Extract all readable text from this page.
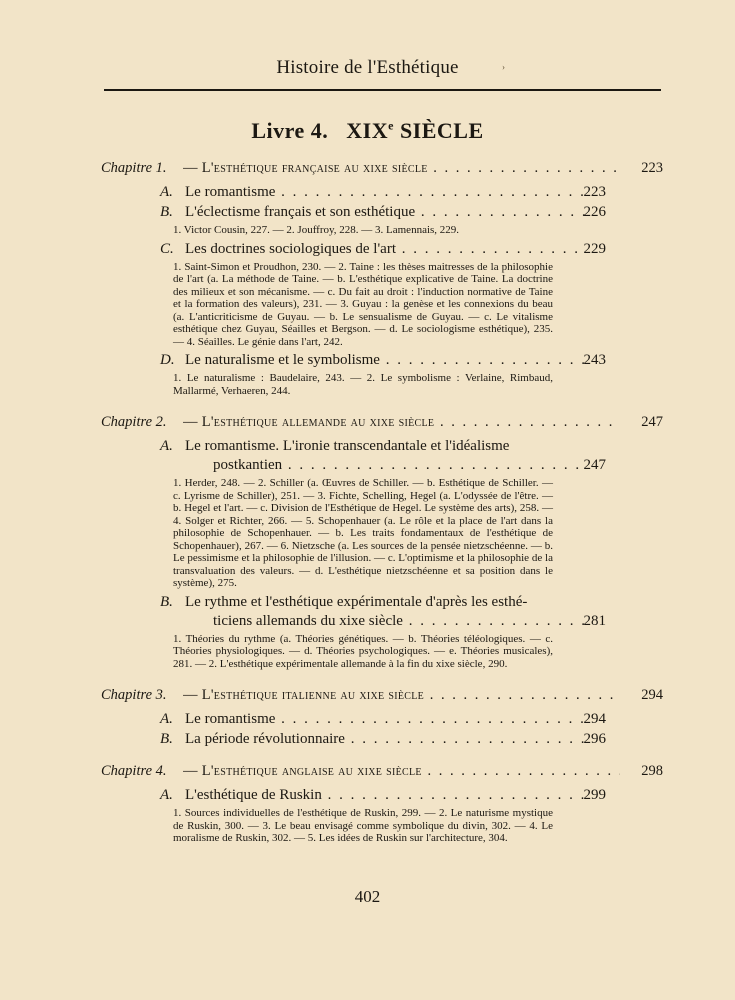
Histoire de l'Esthétique	›
Livre 4. XIXe SIÈCLE
Chapitre 1. — L'esthétique française au xixe siècle . . .	223
A. Le romantisme . . .	223
B. L'éclectisme français et son esthétique . . .	226
1. Victor Cousin, 227. — 2. Jouffroy, 228. — 3. Lamennais, 229.
C. Les doctrines sociologiques de l'art . . .	229
1. Saint-Simon et Proudhon, 230. — 2. Taine : les thèses maitresses de la philosophie de l'art (a. La méthode de Taine. — b. L'esthétique explicative de Taine. La doctrine des milieux et son mécanisme. — c. Du fait au droit : l'induction normative de Taine et la formation des valeurs), 231. — 3. Guyau : la genèse et les connexions du beau (a. L'anticriticisme de Guyau. — b. Le sensualisme de Guyau. — c. Le vitalisme esthétique chez Guyau, Séailles et Bergson. — d. Le sociologisme esthétique), 235. — 4. Séailles. Le génie dans l'art, 242.
D. Le naturalisme et le symbolisme . . .	243
1. Le naturalisme : Baudelaire, 243. — 2. Le symbolisme : Verlaine, Rimbaud, Mallarmé, Verhaeren, 244.
Chapitre 2. — L'esthétique allemande au xixe siècle . . .	247
A. Le romantisme. L'ironie transcendantale et l'idéalisme
postkantien . . .	247
1. Herder, 248. — 2. Schiller (a. Œuvres de Schiller. — b. Esthétique de Schiller. — c. Lyrisme de Schiller), 251. — 3. Fichte, Schelling, Hegel (a. L'odyssée de l'être. — b. Hegel et l'art. — c. Division de l'Esthétique de Hegel. Le système des arts), 258. — 4. Solger et Richter, 266. — 5. Schopenhauer (a. Le rôle et la place de l'art dans la philosophie de Schopenhauer. — b. Les traits fondamentaux de l'esthétique de Schopenhauer), 267. — 6. Nietzsche (a. Les sources de la pensée nietzschéenne. — b. Le pessimisme et la philosophie de l'illusion. — c. L'optimisme et la philosophie de la transvaluation des valeurs. — d. L'esthétique nietzschéenne et sa position dans le système), 275.
B. Le rythme et l'esthétique expérimentale d'après les esthé-
ticiens allemands du xixe siècle . . .	281
1. Théories du rythme (a. Théories génétiques. — b. Théories téléologiques. — c. Théories physiologiques. — d. Théories psychologiques. — e. Théories musicales), 281. — 2. L'esthétique expérimentale allemande à la fin du xixe siècle, 290.
Chapitre 3. — L'esthétique italienne au xixe siècle . . .	294
A. Le romantisme . . .	294
B. La période révolutionnaire . . .	296
Chapitre 4. — L'esthétique anglaise au xixe siècle . . .	298
A. L'esthétique de Ruskin . . .	299
1. Sources individuelles de l'esthétique de Ruskin, 299. — 2. Le naturisme mystique de Ruskin, 300. — 3. Le beau envisagé comme symbolique du divin, 302. — 4. Le moralisme de Ruskin, 302. — 5. Les idées de Ruskin sur l'architecture, 304.
402
